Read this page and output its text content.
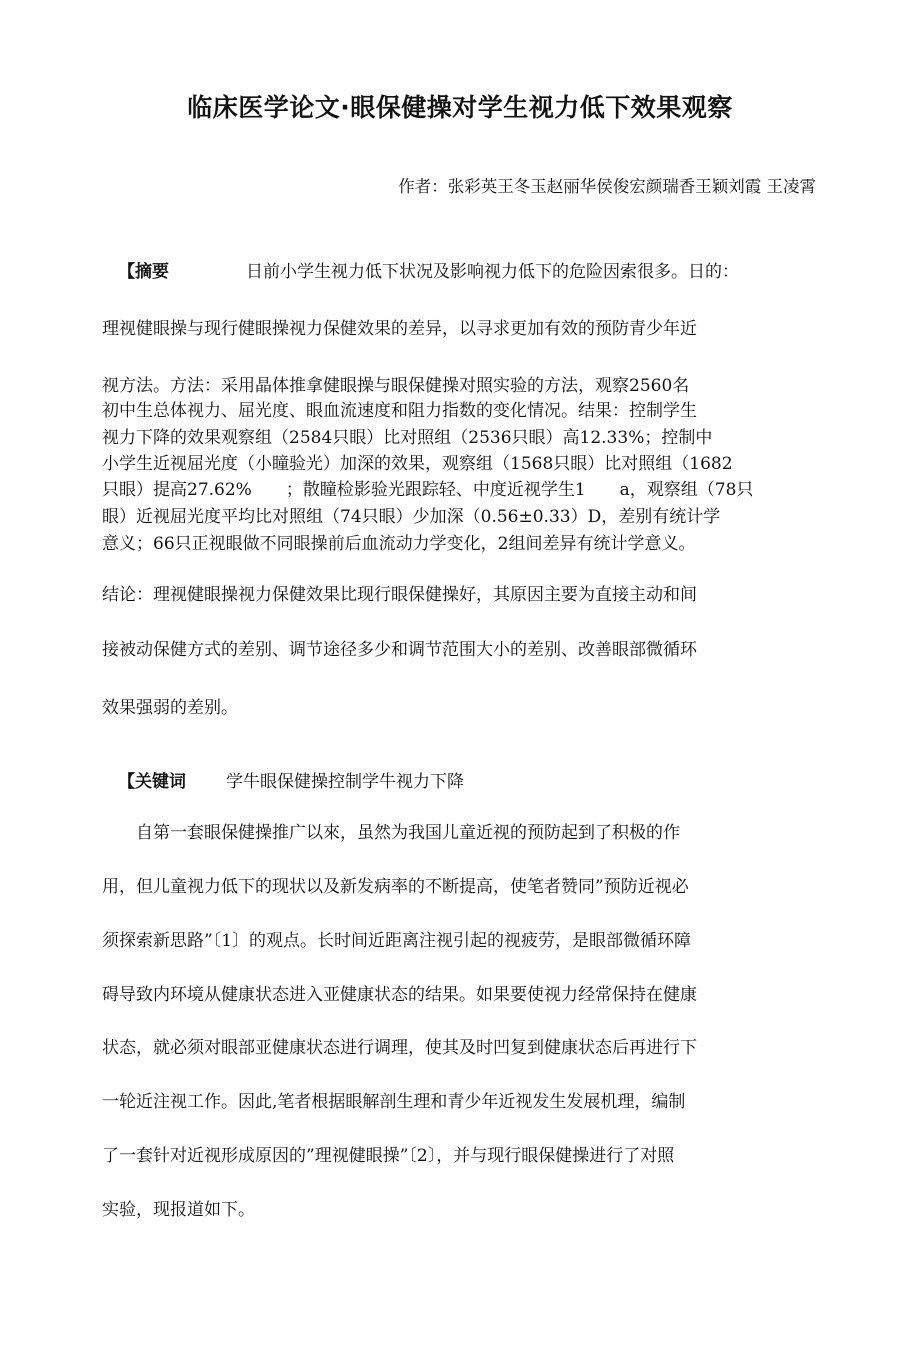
临床医学论文·眼保健操对学生视力低下效果观察
作者：张彩英王冬玉赵丽华侯俊宏颜瑞香王颖刘霞 王凌霄
【摘要	日前小学生视力低下状况及影响视力低下的危险因索很多。日的：
理视健眼操与现行健眼操视力保健效果的差异，以寻求更加有效的预防青少年近
视方法。方法：采用晶体推拿健眼操与眼保健操对照实验的方法，观察2560名
初中生总体视力、屈光度、眼血流速度和阻力指数的变化情况。结果：控制学生
视力下降的效果观察组（2584只眼）比对照组（2536只眼）高12.33%；控制中
小学生近视屈光度（小瞳验光）加深的效果，观察组（1568只眼）比对照组（1682
只眼）提高27.62%　　；散瞳检影验光跟踪轻、中度近视学生1　　a，观察组（78只
眼）近视屈光度平均比对照组（74只眼）少加深（0.56±0.33）D，差别有统计学
意义；66只正视眼做不同眼操前后血流动力学变化，2组间差异有统计学意义。
结论：理视健眼操视力保健效果比现行眼保健操好，其原因主要为直接主动和间
接被动保健方式的差别、调节途径多少和调节范围大小的差别、改善眼部微循环
效果强弱的差别。
【关键词 学牛眼保健操控制学牛视力下降
　　自第一套眼保健操推广以來，虽然为我国儿童近视的预防起到了积极的作
用，但儿童视力低下的现状以及新发病率的不断提高，使笔者赞同”预防近视必
须探索新思路”〔1〕的观点。长时间近距离注视引起的视疲劳，是眼部微循环障
碍导致内环境从健康状态进入亚健康状态的结果。如果要使视力经常保持在健康
状态，就必须对眼部亚健康状态进行调理，使其及时凹复到健康状态后再进行下
一轮近注视工作。因此,笔者根据眼解剖生理和青少年近视发生发展机理，编制
了一套针对近视形成原因的”理视健眼操”〔2〕，并与现行眼保健操进行了对照
实验，现报道如下。
